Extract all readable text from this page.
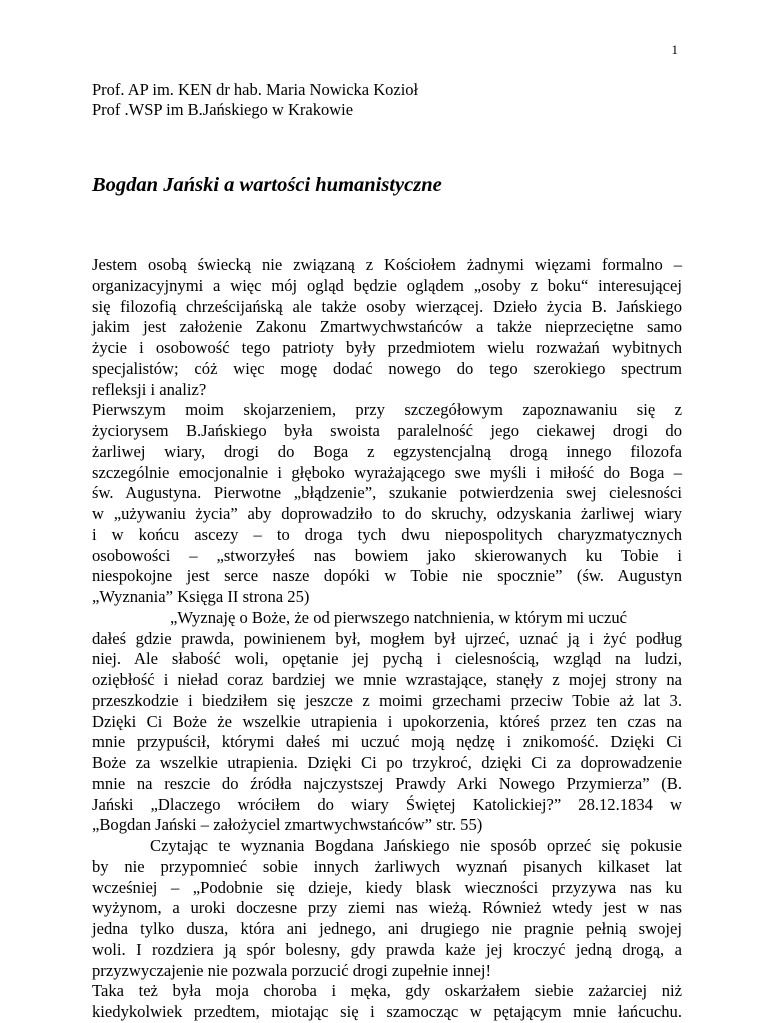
1
Prof. AP im. KEN dr hab. Maria Nowicka Kozioł
Prof .WSP im B.Jańskiego w Krakowie
Bogdan Jański a wartości humanistyczne
Jestem osobą świecką nie związaną z Kościołem żadnymi więzami formalno –
organizacyjnymi a więc mój ogląd będzie oglądem „osoby z boku“ interesującej
się filozofią chrześcijańską ale także osoby wierzącej. Dzieło życia B. Jańskiego
jakim jest założenie Zakonu Zmartwychwstańców a także nieprzeciętne samo
życie i osobowość tego patrioty były przedmiotem wielu rozważań wybitnych
specjalistów; cóż więc mogę dodać nowego do tego szerokiego spectrum
refleksji i analiz?
Pierwszym moim skojarzeniem, przy szczegółowym zapoznawaniu się z
życiorysem B.Jańskiego była swoista paralelność jego ciekawej drogi do
żarliwej wiary, drogi do Boga z egzystencjalną drogą innego filozofa
szczególnie emocjonalnie i głęboko wyrażającego swe myśli i miłość do Boga –
św. Augustyna. Pierwotne „błądzenie”, szukanie potwierdzenia swej cielesności
w „używaniu życia” aby doprowadziło to do skruchy, odzyskania żarliwej wiary
i w końcu ascezy – to droga tych dwu niepospolitych charyzmatycznych
osobowości – „stworzyłeś nas bowiem jako skierowanych ku Tobie i
niespokojne jest serce nasze dopóki w Tobie nie spocznie” (św. Augustyn
„Wyznania” Księga II strona 25)
„Wyznaję o Boże, że od pierwszego natchnienia, w którym mi uczuć
dałeś gdzie prawda, powinienem był, mogłem był ujrzeć, uznać ją i żyć podług
niej. Ale słabość woli, opętanie jej pychą i cielesnością, wzgląd na ludzi,
oziębłość i nieład coraz bardziej we mnie wzrastające, stanęły z mojej strony na
przeszkodzie i biedziłem się jeszcze z moimi grzechami przeciw Tobie aż lat 3.
Dzięki Ci Boże że wszelkie utrapienia i upokorzenia, któreś przez ten czas na
mnie przypuścił, którymi dałeś mi uczuć moją nędzę i znikomość. Dzięki Ci
Boże za wszelkie utrapienia. Dzięki Ci po trzykroć, dzięki Ci za doprowadzenie
mnie na reszcie do źródła najczystszej Prawdy Arki Nowego Przymierza” (B.
Jański „Dlaczego wróciłem do wiary Świętej Katolickiej?” 28.12.1834 w
„Bogdan Jański – założyciel zmartwychwstańców” str. 55)
Czytając te wyznania Bogdana Jańskiego nie sposób oprzeć się pokusie
by nie przypomnieć sobie innych żarliwych wyznań pisanych kilkaset lat
wcześniej – „Podobnie się dzieje, kiedy blask wieczności przyzywa nas ku
wyżynom, a uroki doczesne przy ziemi nas wieżą. Również wtedy jest w nas
jedna tylko dusza, która ani jednego, ani drugiego nie pragnie pełnią swojej
woli. I rozdziera ją spór bolesny, gdy prawda każe jej kroczyć jedną drogą, a
przyzwyczajenie nie pozwala porzucić drogi zupełnie innej!
Taka też była moja choroba i męka, gdy oskarżałem siebie zażarciej niż
kiedykolwiek przedtem, miotając się i szamocząc w pętającym mnie łańcuchu.
